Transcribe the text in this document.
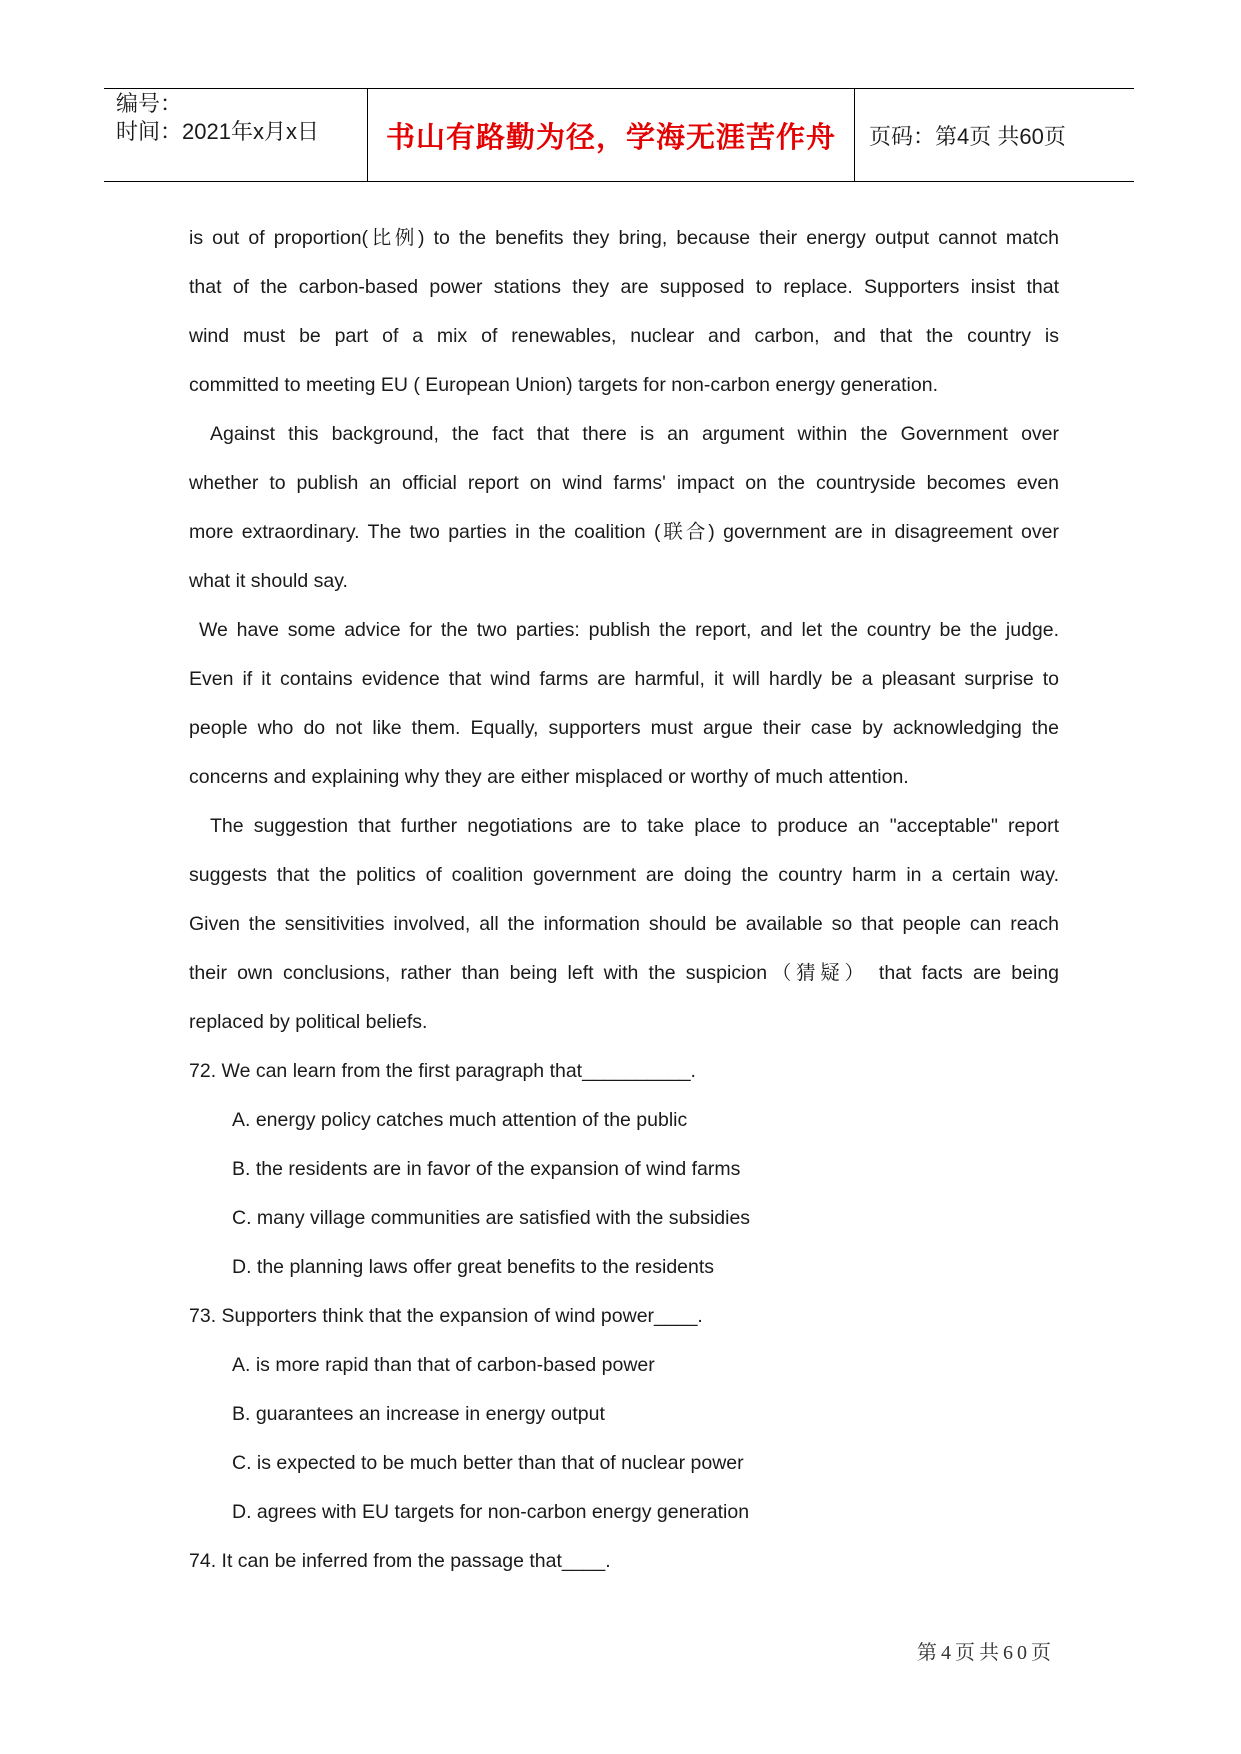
编号：
时间：2021年x月x日 书山有路勤为径，学海无涯苦作舟 页码：第4页 共60页
is out of proportion(比例) to the benefits they bring, because their energy output cannot match
that of the carbon-based power stations they are supposed to replace. Supporters insist that
wind must be part of a mix of renewables, nuclear and carbon, and that the country is
committed to meeting EU ( European Union) targets for non-carbon energy generation.
Against this background, the fact that there is an argument within the Government over
whether to publish an official report on wind farms' impact on the countryside becomes even
more extraordinary. The two parties in the coalition (联合) government are in disagreement over
what it should say.
We have some advice for the two parties: publish the report, and let the country be the judge.
Even if it contains evidence that wind farms are harmful, it will hardly be a pleasant surprise to
people who do not like them. Equally, supporters must argue their case by acknowledging the
concerns and explaining why they are either misplaced or worthy of much attention.
The suggestion that further negotiations are to take place to produce an "acceptable" report
suggests that the politics of coalition government are doing the country harm in a certain way.
Given the sensitivities involved, all the information should be available so that people can reach
their own conclusions, rather than being left with the suspicion（猜疑） that facts are being
replaced by political beliefs.
72. We can learn from the first paragraph that__________.
A. energy policy catches much attention of the public
B. the residents are in favor of the expansion of wind farms
C. many village communities are satisfied with the subsidies
D. the planning laws offer great benefits to the residents
73. Supporters think that the expansion of wind power____.
A. is more rapid than that of carbon-based power
B. guarantees an increase in energy output
C. is expected to be much better than that of nuclear power
D. agrees with EU targets for non-carbon energy generation
74. It can be inferred from the passage that____.
第4页共60页
